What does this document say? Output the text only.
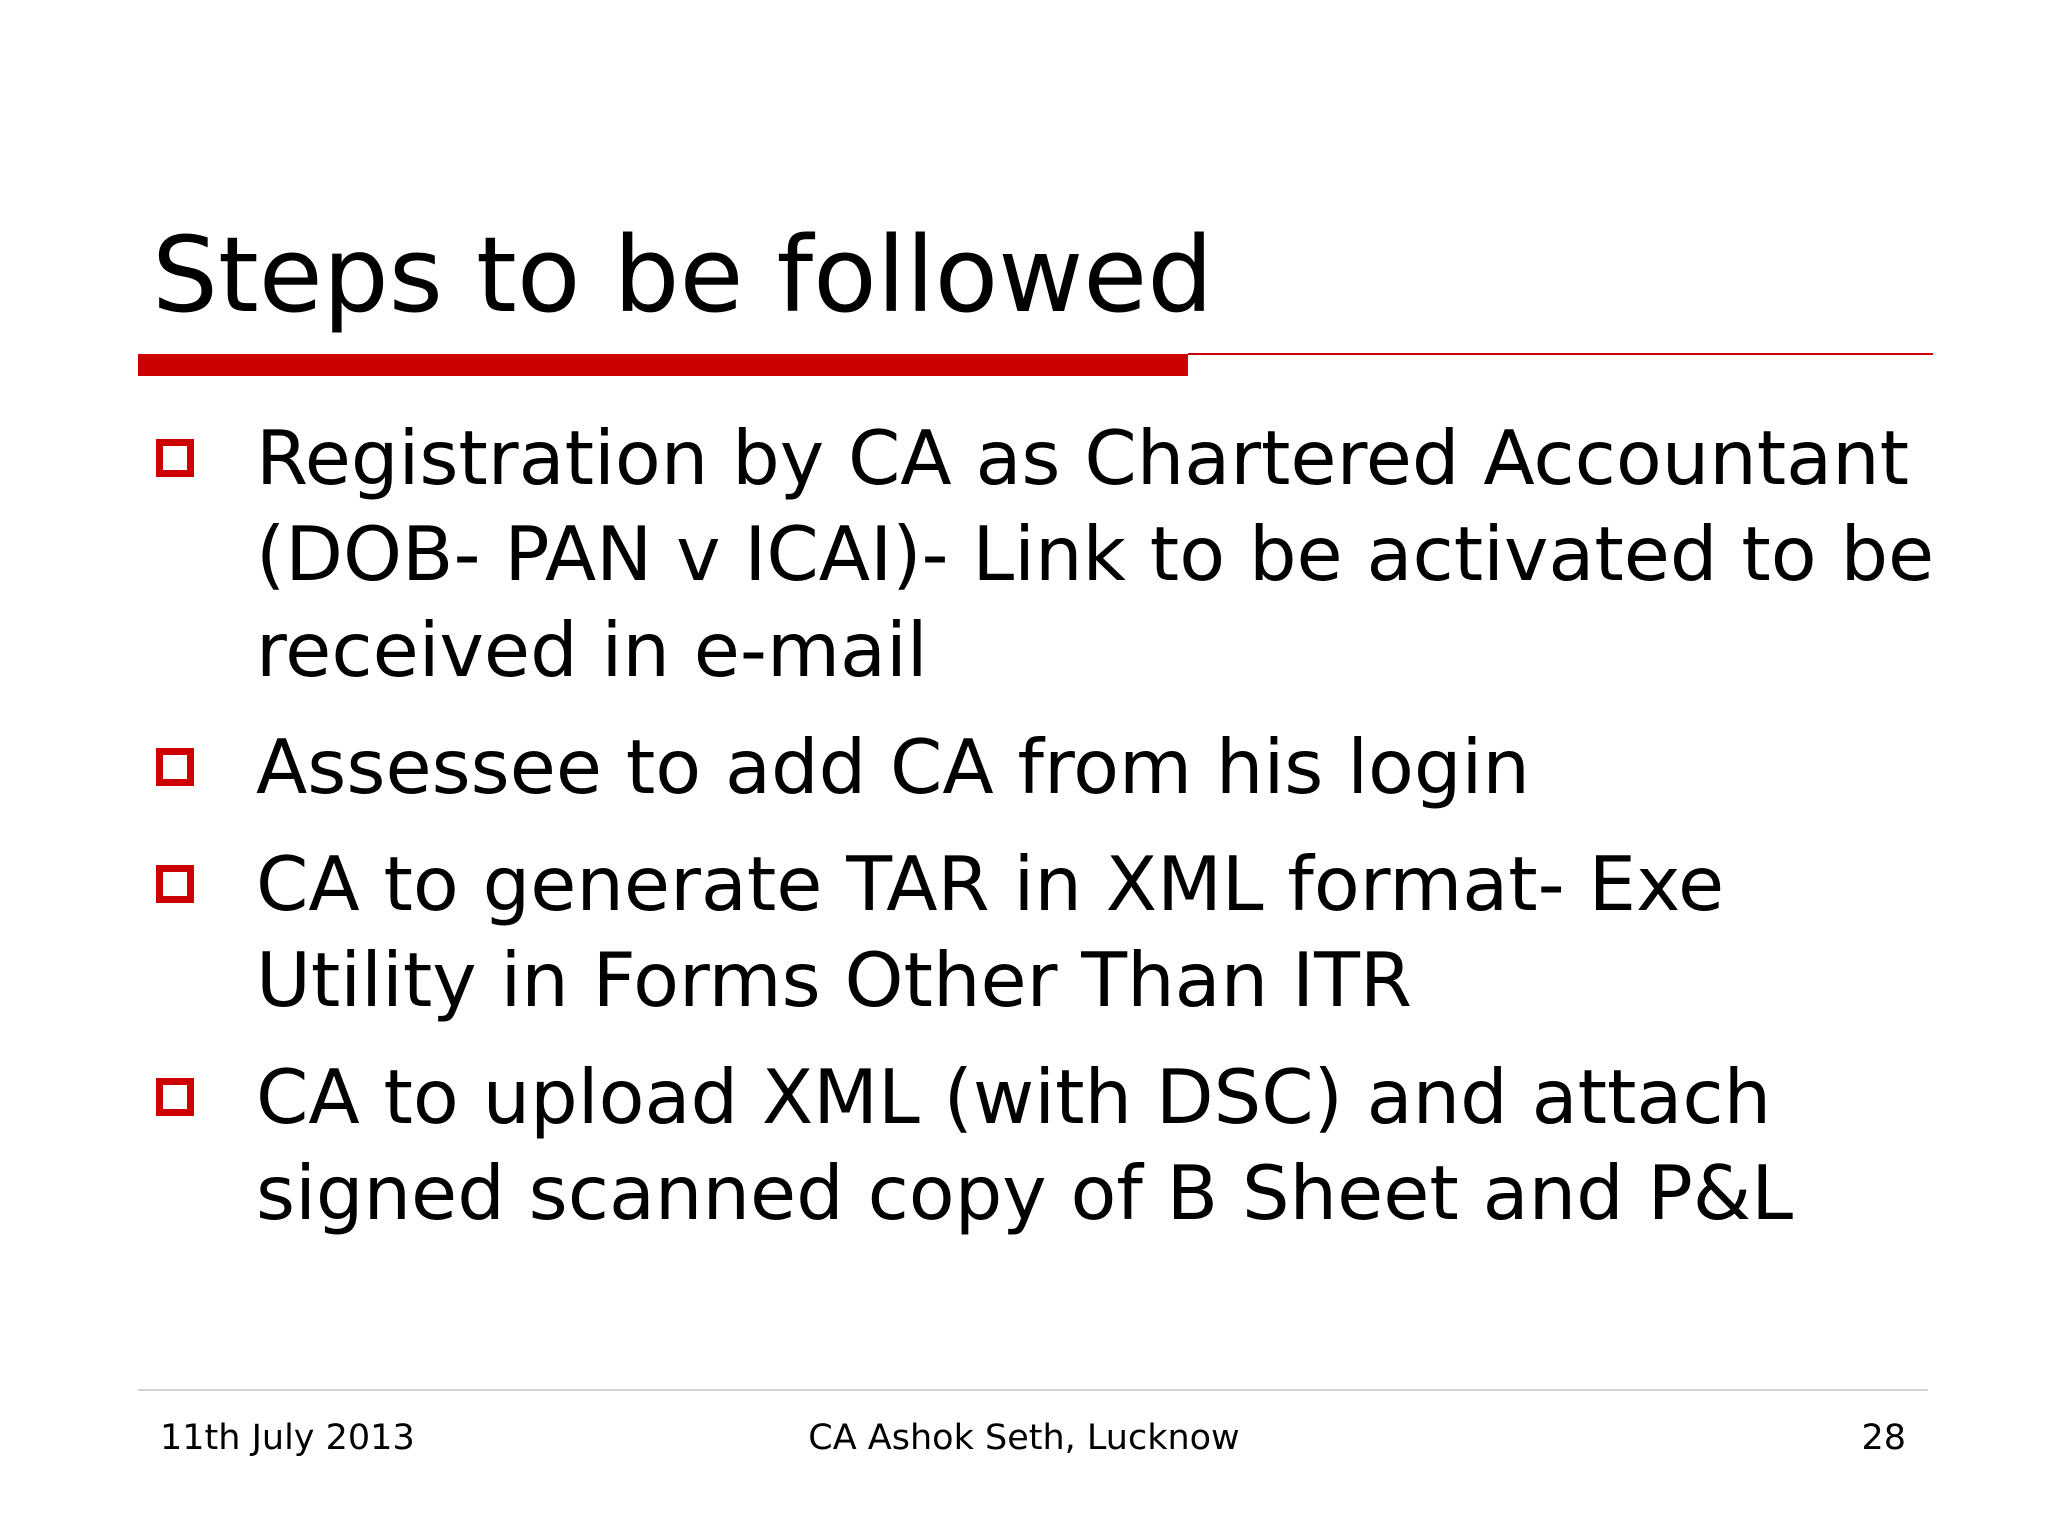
Steps to be followed
Registration by CA as Chartered Accountant (DOB- PAN v ICAI)- Link to be activated to be received in e-mail
Assessee to add CA from his login
CA to generate TAR in XML format- Exe Utility in Forms Other Than ITR
CA to upload XML (with DSC) and attach signed scanned copy of B Sheet and P&L
11th July 2013	CA Ashok Seth, Lucknow	28
